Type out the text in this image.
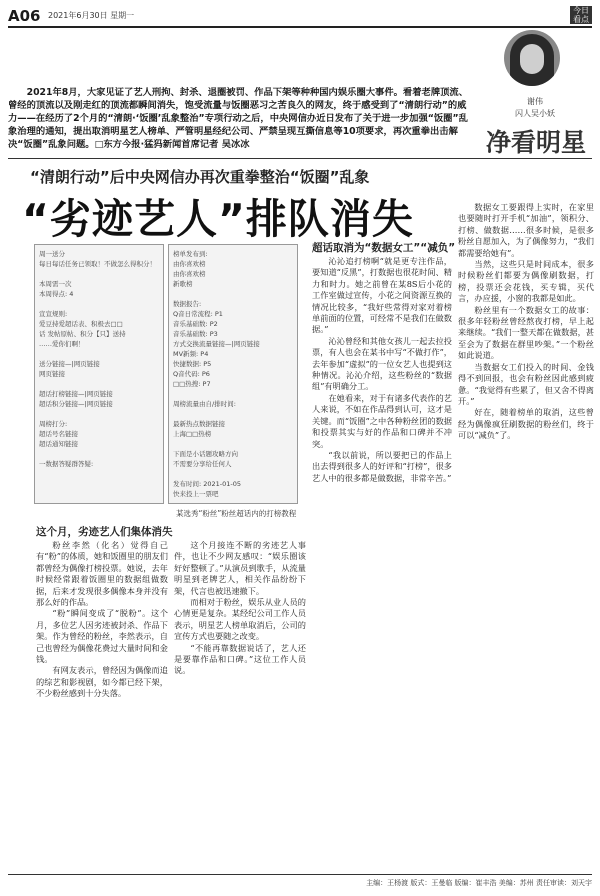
A06 2021年6月30日 星期一
今日看点
谢伟
闪人吴小妖
净看明星
2021年8月，大家见证了艺人刑拘、封杀、退圈被罚、作品下架等种种国内娱乐圈大事件。看着老牌顶流、曾经的顶流以及刚走红的顶流都瞬间消失，饱受流量与饭圈恶习之苦良久的网友，终于感受到了“清朗行动”的威力——在经历了2个月的“清朗·‘饭圈’乱象整治”专项行动之后，中央网信办近日发布了关于进一步加强“饭圈”乱象治理的通知，提出取消明星艺人榜单、严管明星经纪公司、严禁呈现互撕信息等10项要求，再次重拳出击解决“饭圈”乱象问题。□东方今报·猛犸新闻首席记者 吴冰冰
“清朗行动”后中央网信办再次重拳整治“饭圈”乱象
“劣迹艺人”排队消失
周一送分
每日每话任务已领取！不做怎么得积分！

本周需一次
本周得点: 4

宣宣规则:
爱豆持爱超话表、积极去□□
话 发帖原帖、积分【只】送持
……爱你们啊！

送分链接—|网页链接
网页链接

超话打榜链接—|网页链接
超话积分链接—|网页链接

周榜打分:
超话号名链接
超话通知链接

一数据答疑群答疑:
榜单发布到:
由你喜欢榜
由你喜欢榜
新歌榜

数据报告:
Q音日常流程: P1
音乐基础数: P2
音乐基础数: P3
方式交换流量链接—|网页链接
MV新频: P4
快捷数据: P5
Q音代码: P6
□□热搜: P7

周榜流量由自/排时间:

最新热点数据链接
上海□□热榜

下面是小话题攻略方向
不需要分享给任何人

发布时间: 2021-01-05
快来投上一票吧
某选秀“粉丝”粉丝超话内的打榜教程
超话取消为“数据女工”“减负”
这个月，劣迹艺人们集体消失

沁沁追打榜啊“就是更专注作品，要知道“反黑”，打数据也很花时间、精力和时力。她之前曾在某8S后小花的工作室做过宣传，小花之间资源互换的情况比较多，“我好些常得对家对着榜单前面的位置，可经常不是我们在做数据。”

沁沁曾经和其他女孩儿一起去拉投票，有人也会在某书中写“不做打作”，去年参加“虚拟”的一位女艺人也提到这种情况。沁沁介绍，这些粉丝的“数据组”有明确分工。

在她看来，对于有诸多代表作的艺人来说，不如在作品得到认可，这才是关键。而“饭圈”之中各种粉丝团的数据和投票其实与好的作品和口碑并不冲突。

“我以前说，所以要把已的作品上出去得到很多人的好评和“打榜”，很多艺人中的很多都是做数据，非常辛苦。”

数据女工要跟得上实时，在家里也要随时打开手机“加油”，领积分、打榜、做数据……很多时候，是很多粉丝自愿加入，为了偶像努力，“我们都需要给她有”。

当然，这些只是时间成本，很多时候粉丝们都要为偶像刷数据，打榜，投票还会花钱，买专辑，买代言，办应援，小窗的我都是如此。

粉丝里有一个数据女工的故事：很多年轻粉丝曾经熬夜打榜，早上起来继续。“我们一整天都在做数据，甚至会为了数据在群里吵架。”一个粉丝如此说道。

当数据女工们投入的时间、金钱得不到回报，也会有粉丝因此感到疲惫。“我觉得有些累了，但又舍不得离开。”

好在，随着榜单的取消，这些曾经为偶像疯狂刷数据的粉丝们，终于可以“减负”了。

粉丝李然（化名）觉得自己有“粉”的体质，她和饭圈里的朋友们都曾经为偶像打榜投票。她说，去年时候经常跟着饭圈里的数据组做数据，后来才发现很多偶像本身并没有那么好的作品。

“粉”瞬间变成了“脱粉”。这个月，多位艺人因劣迹被封杀、作品下架。作为曾经的粉丝，李然表示，自己也曾经为偶像花费过大量时间和金钱。

有网友表示，曾经因为偶像而追的综艺和影视剧，如今都已经下架，不少粉丝感到十分失落。

这个月接连不断的劣迹艺人事件，也让不少网友感叹：“娱乐圈该好好整顿了。”从演员到歌手，从流量明星到老牌艺人，相关作品纷纷下架，代言也被迅速撤下。

而相对于粉丝，娱乐从业人员的心情更是复杂。某经纪公司工作人员表示，明星艺人榜单取消后，公司的宣传方式也要随之改变。

“不能再靠数据说话了，艺人还是要靠作品和口碑。”这位工作人员说。

主编：王杨渡 版式：王曼临 版编：崔丰浩 美编：苏州 责任审读：刘天宇
